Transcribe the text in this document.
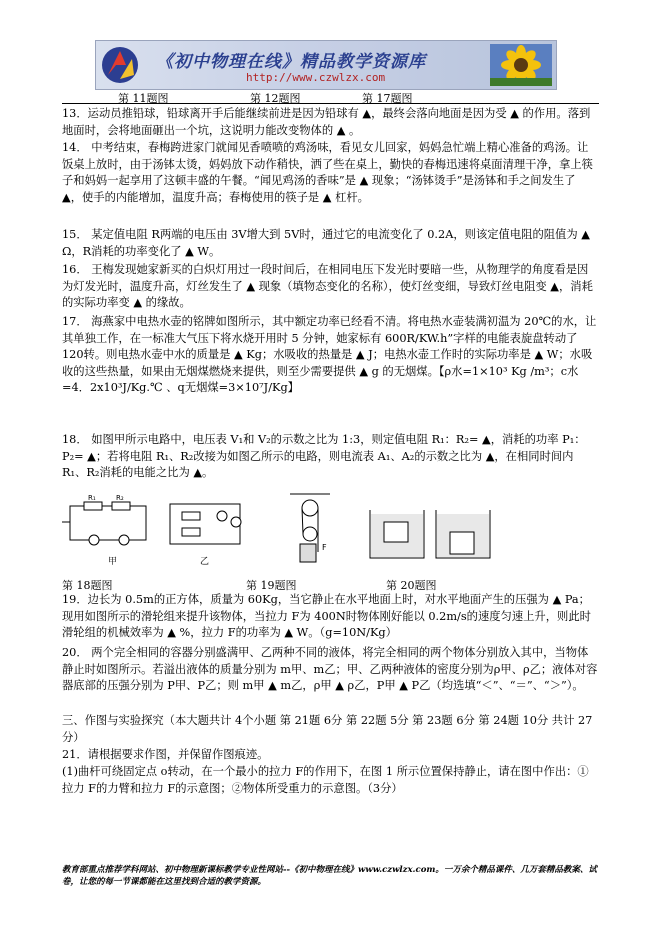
《初中物理在线》精品教学资源库
http://www.czwlzx.com
第 11题图	第 12题图	第 17题图
13．运动员推铅球，铅球离开手后能继续前进是因为铅球有 ▲，最终会落向地面是因为受 ▲ 的作用。落到地面时，会将地面砸出一个坑，这说明力能改变物体的 ▲ 。
14． 中考结束，春梅跨进家门就闻见香喷喷的鸡汤味，看见女儿回家，妈妈急忙端上精心准备的鸡汤。让饭桌上放时，由于汤钵太烫，妈妈放下动作稍快，洒了些在桌上，勤快的春梅迅速将桌面清理干净，拿上筷子和妈妈一起享用了这顿丰盛的午餐。“闻见鸡汤的香味”是 ▲ 现象；“汤钵烫手”是汤钵和手之间发生了 ▲，使手的内能增加，温度升高；春梅使用的筷子是 ▲ 杠杆。
15． 某定值电阻 R两端的电压由 3V增大到 5V时，通过它的电流变化了 0.2A，则该定值电阻的阻值为 ▲ Ω，R消耗的功率变化了 ▲ W。
16． 王梅发现她家新买的白炽灯用过一段时间后，在相同电压下发光时要暗一些，从物理学的角度看是因为灯发光时，温度升高，灯丝发生了 ▲ 现象（填物态变化的名称），使灯丝变细，导致灯丝电阻变 ▲，消耗的实际功率变 ▲ 的缘故。
17． 海燕家中电热水壶的铭牌如图所示，其中额定功率已经看不清。将电热水壶装满初温为 20℃的水，让其单独工作，在一标准大气压下将水烧开用时 5 分钟，她家标有 600R/KW.h”字样的电能表旋盘转动了 120转。则电热水壶中水的质量是 ▲ Kg；水吸收的热量是 ▲ J；电热水壶工作时的实际功率是 ▲ W；水吸收的这些热量，如果由无烟煤燃烧来提供，则至少需要提供 ▲ g 的无烟煤。【ρ水=1×10³ Kg /m³；c水=4．2x10³J/Kg.℃ 、q无烟煤=3×10⁷J/Kg】
18． 如图甲所示电路中，电压表 V₁和 V₂的示数之比为 1:3，则定值电阻 R₁：R₂= ▲，消耗的功率 P₁：P₂= ▲；若将电阻 R₁、R₂改接为如图乙所示的电路，则电流表 A₁、A₂的示数之比为 ▲，在相同时间内 R₁、R₂消耗的电能之比为 ▲。
R₁	R₂
甲	乙
F
第 18题图	第 19题图	第 20题图
19．边长为 0.5m的正方体，质量为 60Kg，当它静止在水平地面上时，对水平地面产生的压强为 ▲ Pa；现用如图所示的滑轮组来提升该物体，当拉力 F为 400N时物体刚好能以 0.2m/s的速度匀速上升，则此时滑轮组的机械效率为 ▲ %，拉力 F的功率为 ▲ W。（g=10N/Kg）
20． 两个完全相同的容器分别盛满甲、乙两种不同的液体，将完全相同的两个物体分别放入其中，当物体静止时如图所示。若溢出液体的质量分别为 m甲、m乙；甲、乙两种液体的密度分别为ρ甲、ρ乙；液体对容器底部的压强分别为 P甲、P乙；则 m甲 ▲ m乙，ρ甲 ▲ ρ乙，P甲 ▲ P乙（均选填“＜”、“＝”、“＞”）。
三、作图与实验探究（本大题共计 4个小题 第 21题 6分 第 22题 5分 第 23题 6分 第 24题 10分 共计 27分）
21．请根据要求作图，并保留作图痕迹。
(1)曲杆可绕固定点 o转动，在一个最小的拉力 F的作用下，在图 1 所示位置保持静止，请在图中作出：①拉力 F的力臂和拉力 F的示意图；②物体所受重力的示意图。（3分）
教育部重点推荐学科网站、初中物理新课标教学专业性网站--《初中物理在线》www.czwlzx.com。一万余个精品课件、几万套精品教案、试卷，让您的每一节课都能在这里找到合适的教学资源。
